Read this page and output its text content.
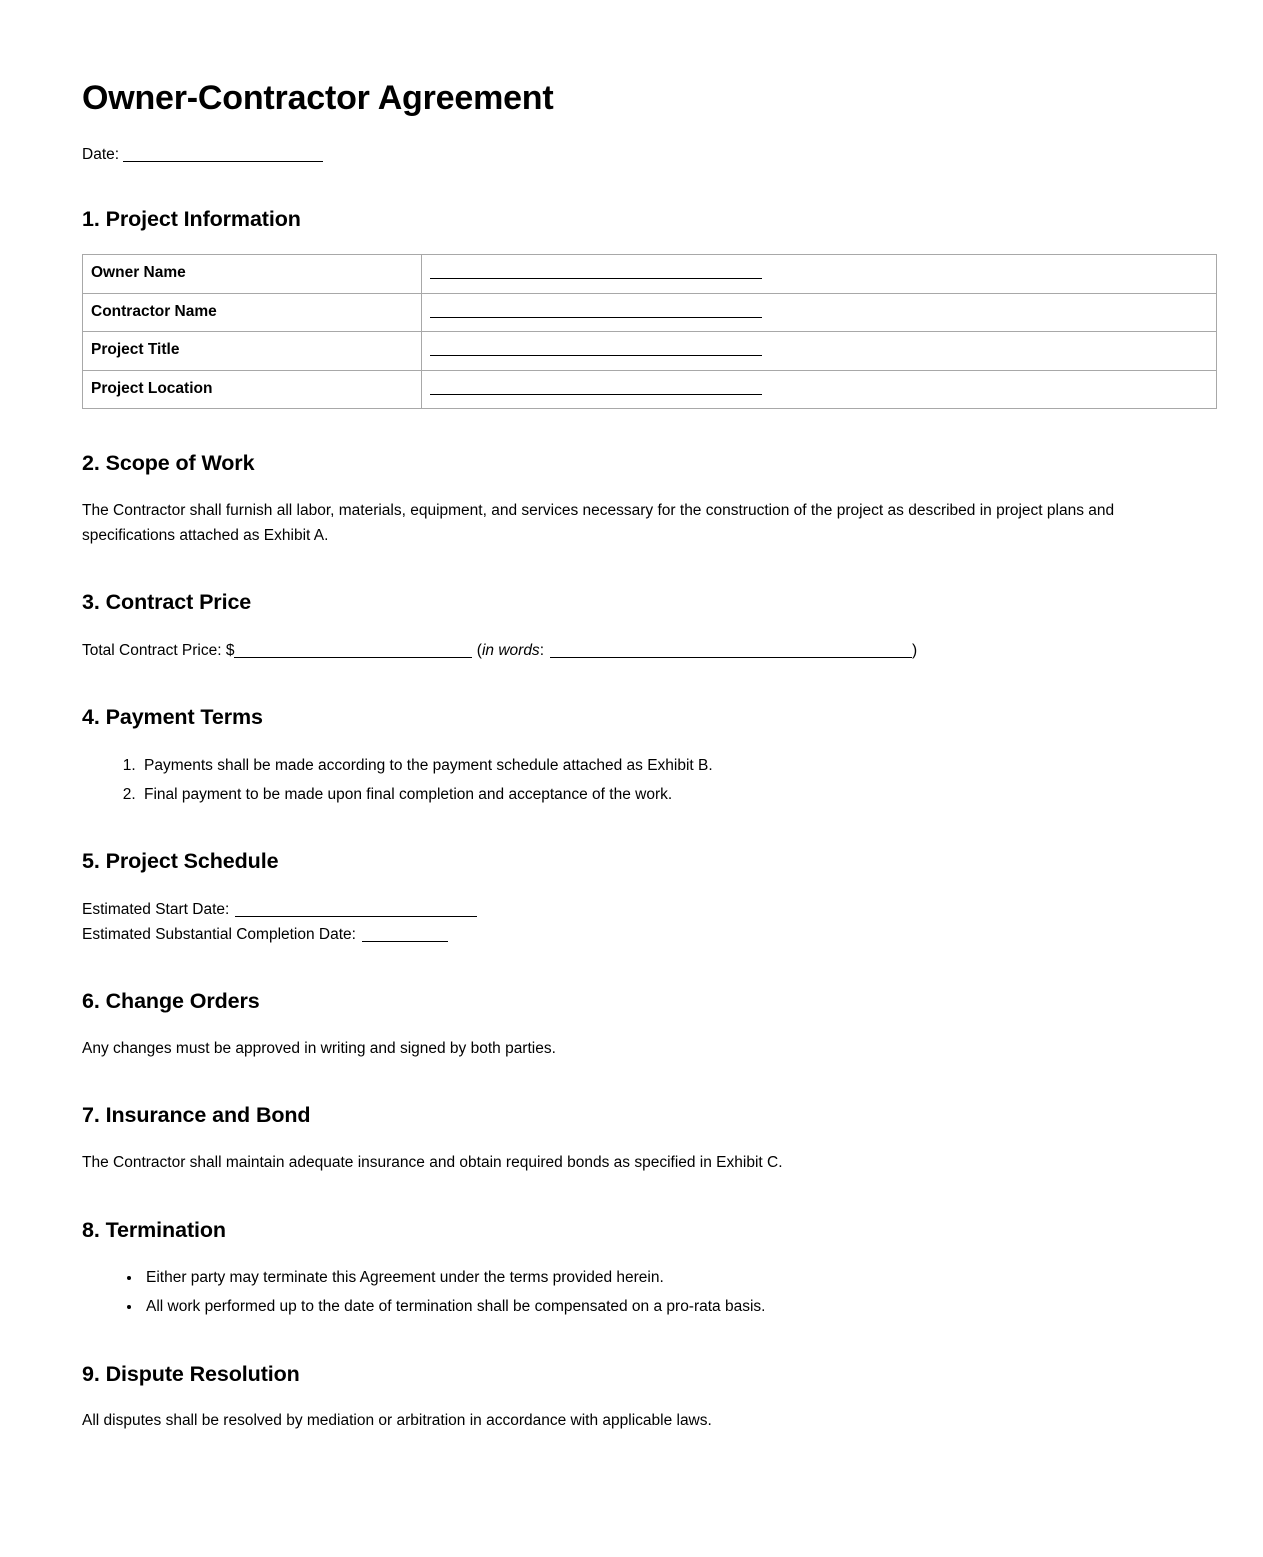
Owner-Contractor Agreement
Date:
1. Project Information
Owner Name	
Contractor Name	
Project Title	
Project Location	
2. Scope of Work

The Contractor shall furnish all labor, materials, equipment, and services necessary for the construction of the project as described in project plans and specifications attached as Exhibit A.

3. Contract Price

Total Contract Price: $	(in words:	)

4. Payment Terms
1. Payments shall be made according to the payment schedule attached as Exhibit B.
2. Final payment to be made upon final completion and acceptance of the work.
5. Project Schedule

Estimated Start Date:

Estimated Substantial Completion Date:

6. Change Orders

Any changes must be approved in writing and signed by both parties.

7. Insurance and Bond

The Contractor shall maintain adequate insurance and obtain required bonds as specified in Exhibit C.

8. Termination
• Either party may terminate this Agreement under the terms provided herein.
• All work performed up to the date of termination shall be compensated on a pro-rata basis.
9. Dispute Resolution

All disputes shall be resolved by mediation or arbitration in accordance with applicable laws.
